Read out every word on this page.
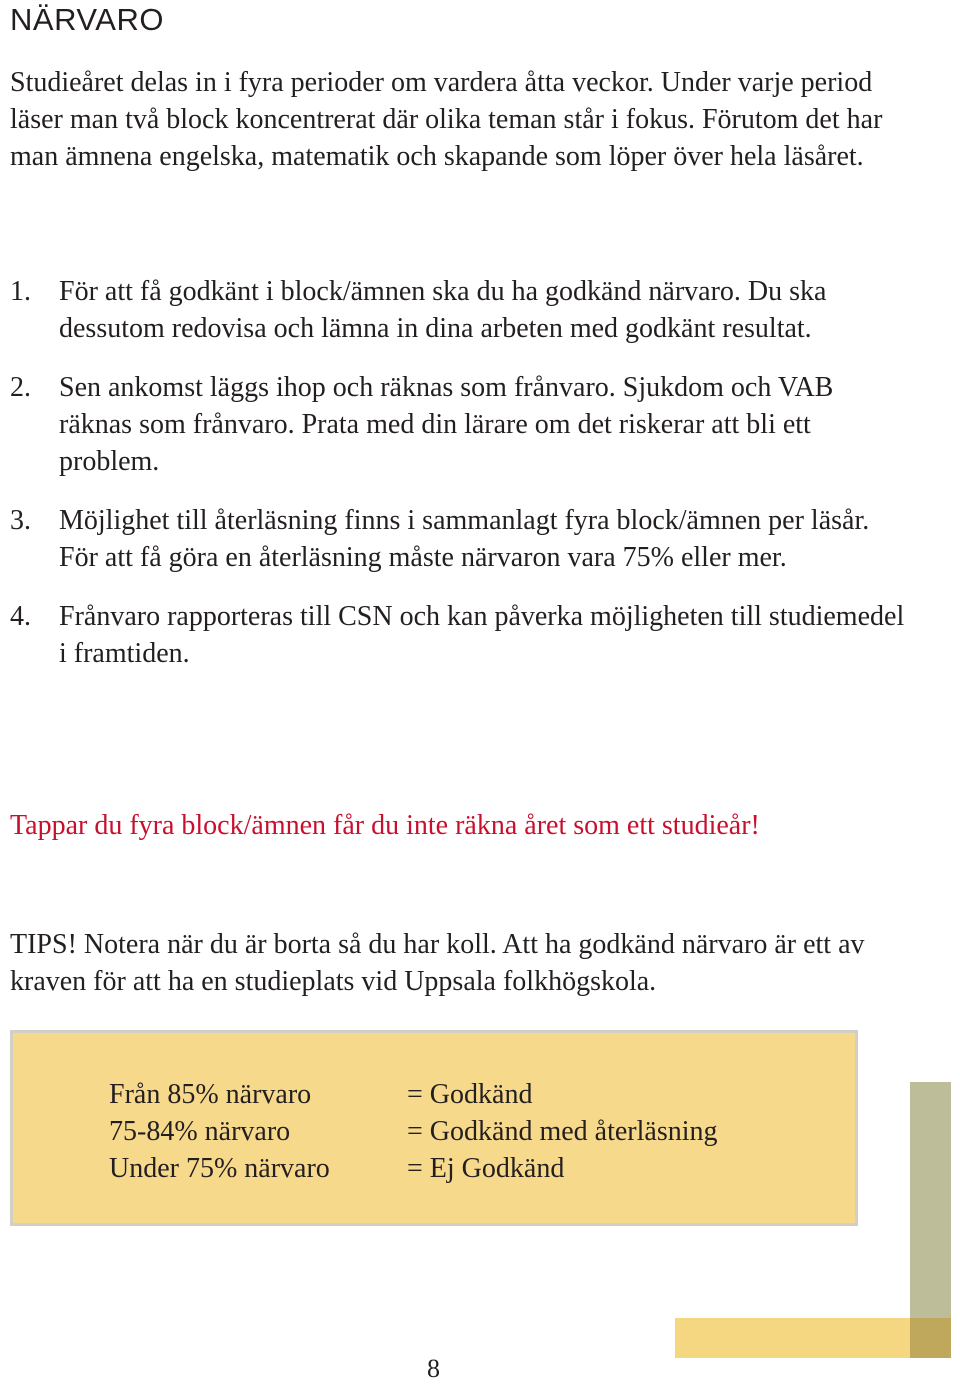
NÄRVARO

Studieåret delas in i fyra perioder om vardera åtta veckor. Under varje period läser man två block koncentrerat där olika teman står i fokus. Förutom det har man ämnena engelska, matematik och skapande som löper över hela läsåret.

1. För att få godkänt i block/ämnen ska du ha godkänd närvaro. Du ska dessutom redovisa och lämna in dina arbeten med godkänt resultat.
2. Sen ankomst läggs ihop och räknas som frånvaro. Sjukdom och VAB räknas som frånvaro. Prata med din lärare om det riskerar att bli ett problem.
3. Möjlighet till återläsning finns i sammanlagt fyra block/ämnen per läsår. För att få göra en återläsning måste närvaron vara 75% eller mer.
4. Frånvaro rapporteras till CSN och kan påverka möjligheten till studiemedel i framtiden.

Tappar du fyra block/ämnen får du inte räkna året som ett studieår!

TIPS! Notera när du är borta så du har koll. Att ha godkänd närvaro är ett av kraven för att ha en studieplats vid Uppsala folkhögskola.

Från 85% närvaro	= Godkänd
75-84% närvaro	= Godkänd med återläsning
Under 75% närvaro	= Ej Godkänd
8
